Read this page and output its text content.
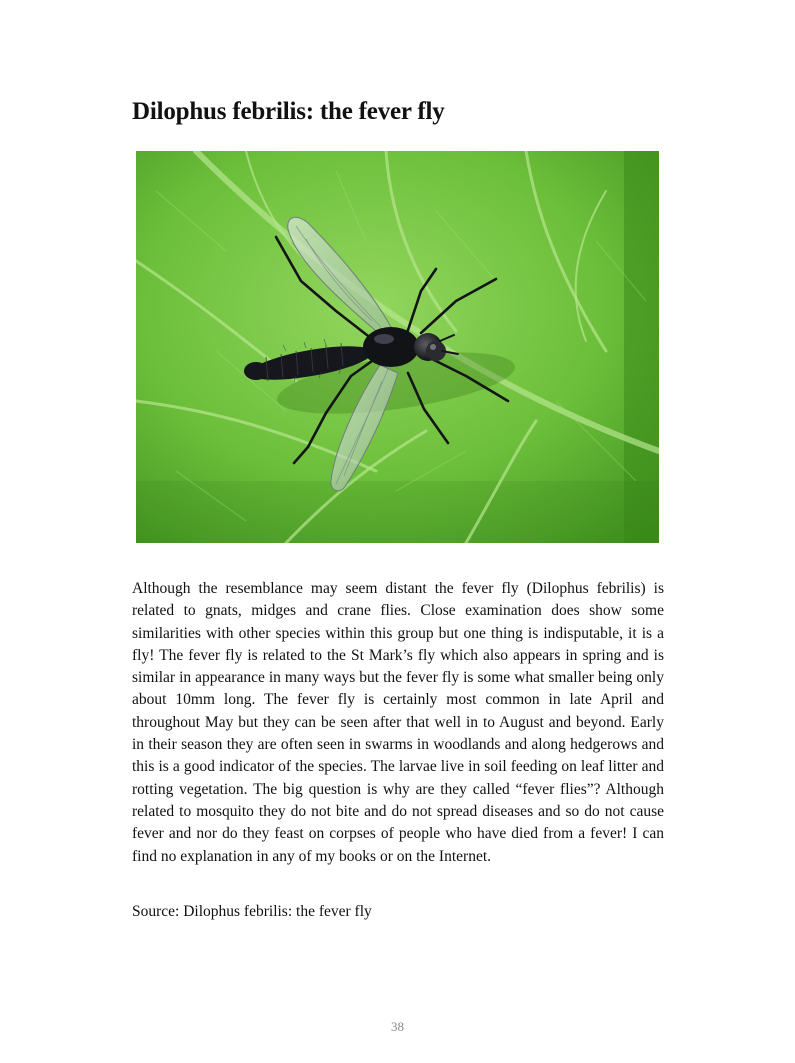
Dilophus febrilis: the fever fly

Although the resemblance may seem distant the fever fly (Dilophus febrilis) is related to gnats, midges and crane flies. Close examination does show some similarities with other species within this group but one thing is indisputable, it is a fly! The fever fly is related to the St Mark’s fly which also appears in spring and is similar in appearance in many ways but the fever fly is some what smaller being only about 10mm long. The fever fly is certainly most common in late April and throughout May but they can be seen after that well in to August and beyond. Early in their season they are often seen in swarms in woodlands and along hedgerows and this is a good indicator of the species. The larvae live in soil feeding on leaf litter and rotting vegetation. The big question is why are they called “fever flies”? Although related to mosquito they do not bite and do not spread diseases and so do not cause fever and nor do they feast on corpses of people who have died from a fever! I can find no explanation in any of my books or on the Internet.

Source: Dilophus febrilis: the fever fly

38
